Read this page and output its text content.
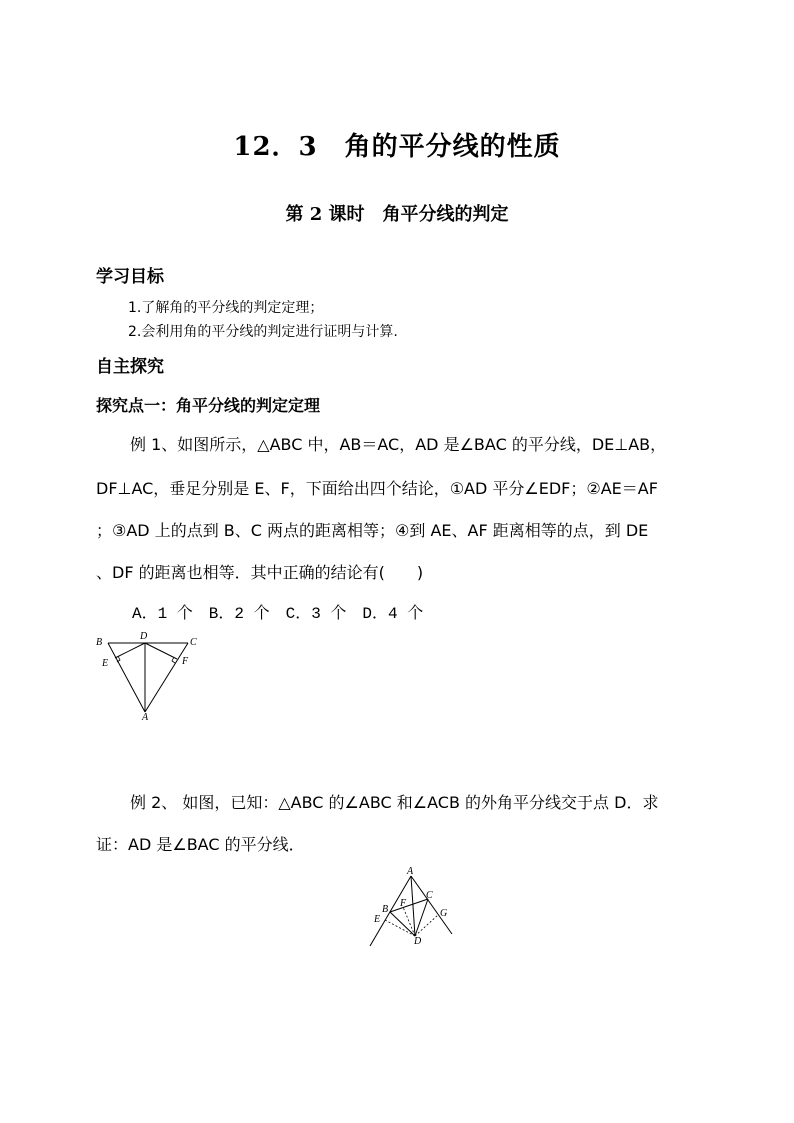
12．3　角的平分线的性质
第 2 课时　角平分线的判定
学习目标
1.了解角的平分线的判定定理；
2.会利用角的平分线的判定进行证明与计算.
自主探究
探究点一：角平分线的判定定理
例 1、如图所示，△ABC 中，AB＝AC，AD 是∠BAC 的平分线，DE⊥AB，
DF⊥AC，垂足分别是 E、F，下面给出四个结论，①AD 平分∠EDF；②AE＝AF
；③AD 上的点到 B、C 两点的距离相等；④到 AE、AF 距离相等的点，到 DE
、DF 的距离也相等．其中正确的结论有(　　)
A．1 个　B．2 个　C．3 个　D．4 个
B
D
C
E	F
A
例 2、 如图，已知：△ABC 的∠ABC 和∠ACB 的外角平分线交于点 D．求
证：AD 是∠BAC 的平分线．
A
B
C
D
E
F
G
